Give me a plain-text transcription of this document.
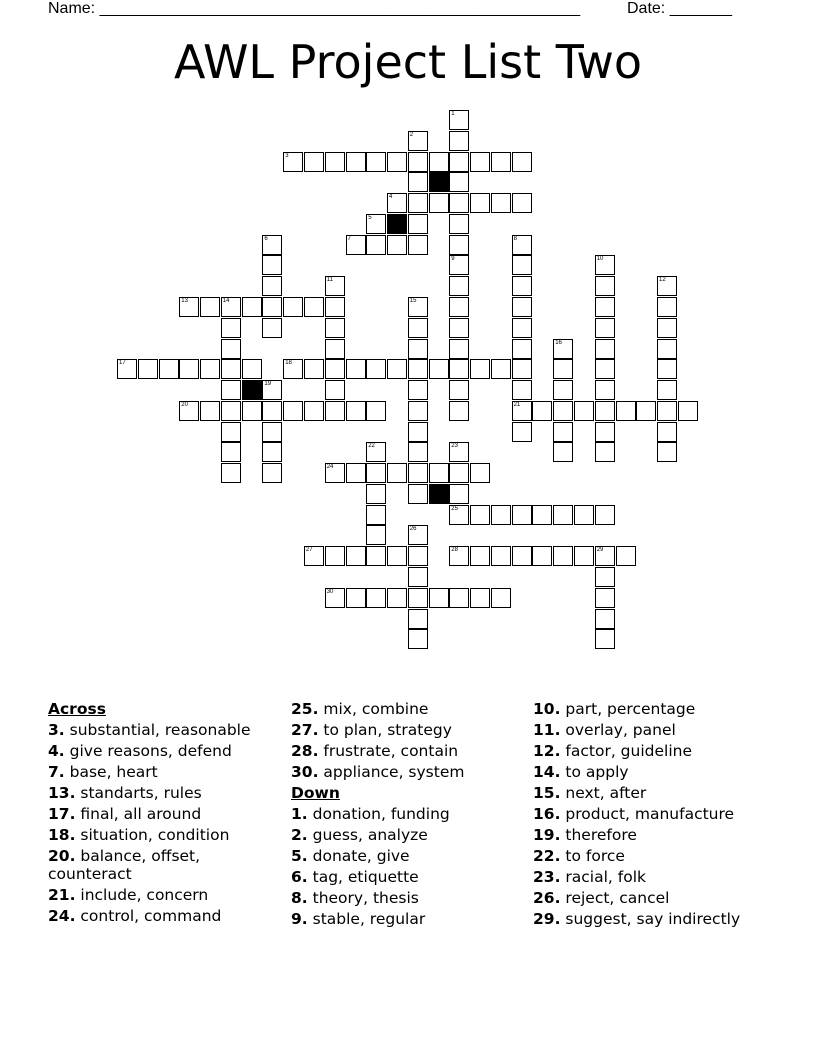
Name: ______________________________________________________	Date: _______
AWL Project List Two
1
9
2
3
4
5
6	7	8
21
10
11	12
13	14	15
16
17	18
19
20
22	23
24
25
26
27	28	29
30
Across
3. substantial, reasonable
4. give reasons, defend
7. base, heart
13. standarts, rules
17. final, all around
18. situation, condition
20. balance, offset, counteract
21. include, concern
24. control, command
25. mix, combine
27. to plan, strategy
28. frustrate, contain
30. appliance, system
Down
1. donation, funding
2. guess, analyze
5. donate, give
6. tag, etiquette
8. theory, thesis
9. stable, regular
10. part, percentage
11. overlay, panel
12. factor, guideline
14. to apply
15. next, after
16. product, manufacture
19. therefore
22. to force
23. racial, folk
26. reject, cancel
29. suggest, say indirectly
